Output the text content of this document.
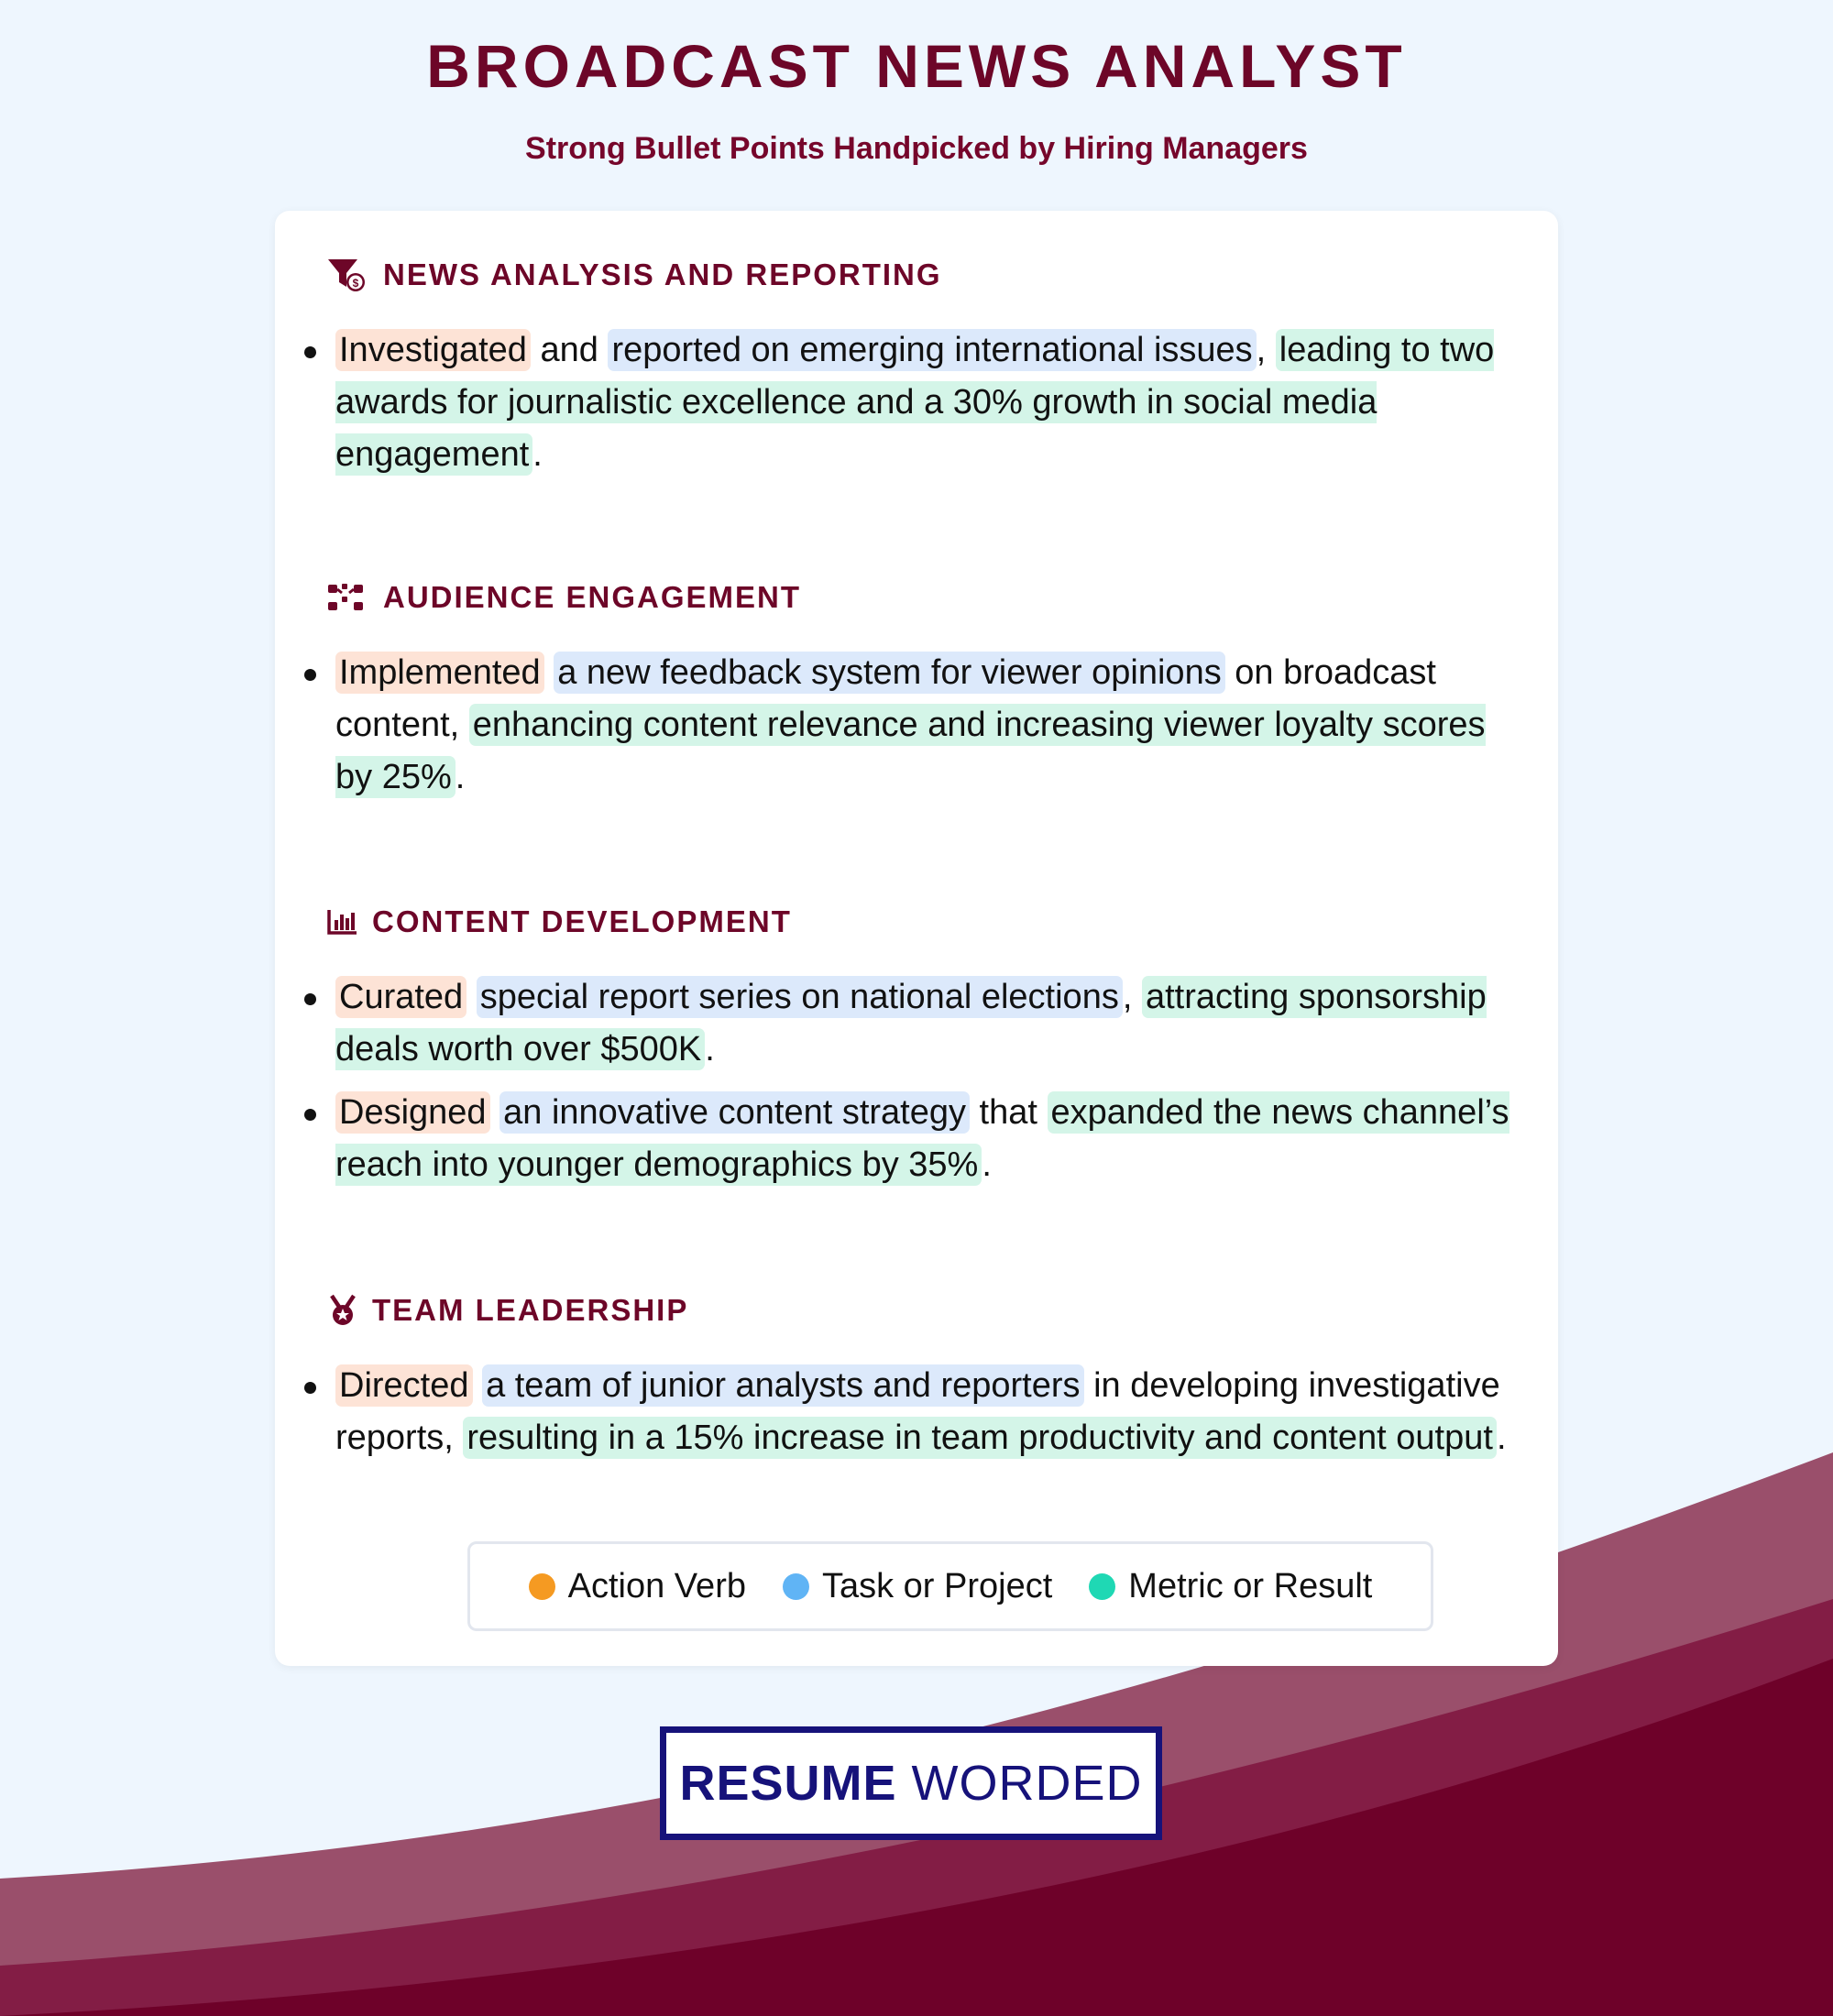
BROADCAST NEWS ANALYST
Strong Bullet Points Handpicked by Hiring Managers
$ NEWS ANALYSIS AND REPORTING
Investigated and reported on emerging international issues , leading to two awards for journalistic excellence and a 30% growth in social media engagement .
AUDIENCE ENGAGEMENT
Implemented a new feedback system for viewer opinions on broadcast content, enhancing content relevance and increasing viewer loyalty scores by 25% .
CONTENT DEVELOPMENT
Curated special report series on national elections , attracting sponsorship deals worth over $500K .
Designed an innovative content strategy that expanded the news channel’s reach into younger demographics by 35% .
TEAM LEADERSHIP
Directed a team of junior analysts and reporters in developing investigative reports, resulting in a 15% increase in team productivity and content output .
Action Verb Task or Project Metric or Result
RESUME WORDED
